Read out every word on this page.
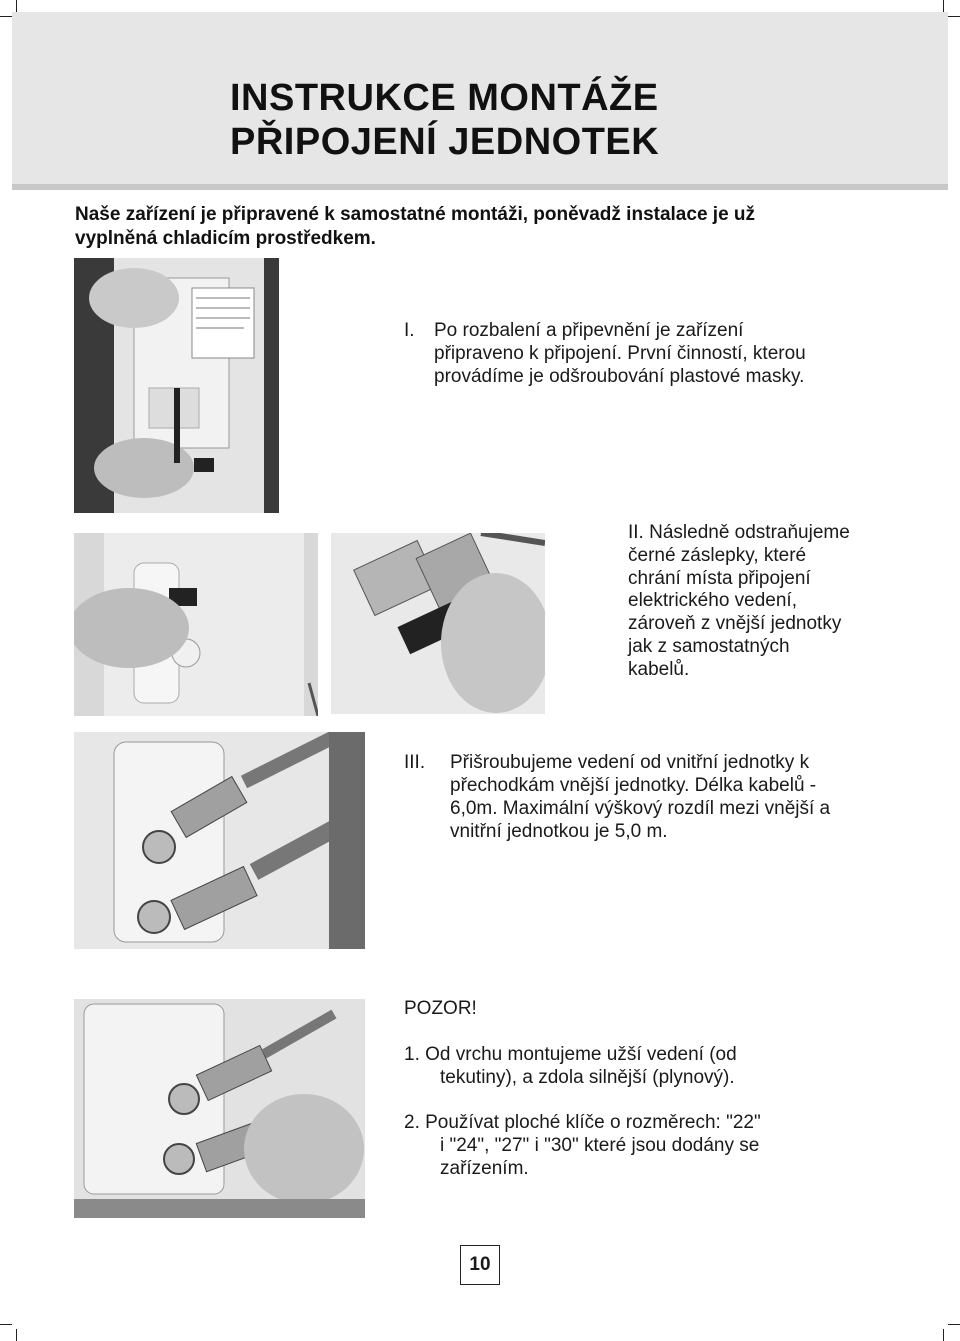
INSTRUKCE MONTÁŽE
PŘIPOJENÍ JEDNOTEK
Naše zařízení je připravené k samostatné montáži, poněvadž instalace je už
vyplněná chladicím prostředkem.
I. Po rozbalení a připevnění je zařízení
připraveno k připojení. První činností, kterou
provádíme je odšroubování plastové masky.
II. Následně odstraňujeme
černé záslepky, které
chrání místa připojení
elektrického vedení,
zároveň z vnější jednotky
jak z samostatných
kabelů.
III. Přišroubujeme vedení od vnitřní jednotky k
přechodkám vnější jednotky. Délka kabelů -
6,0m. Maximální výškový rozdíl mezi vnější a
vnitřní jednotkou je 5,0 m.
POZOR!
1. Od vrchu montujeme užší vedení (od
tekutiny), a zdola silnější (plynový).
2. Používat ploché klíče o rozměrech: "22"
i "24", "27" i "30" které jsou dodány se
zařízením.
10
